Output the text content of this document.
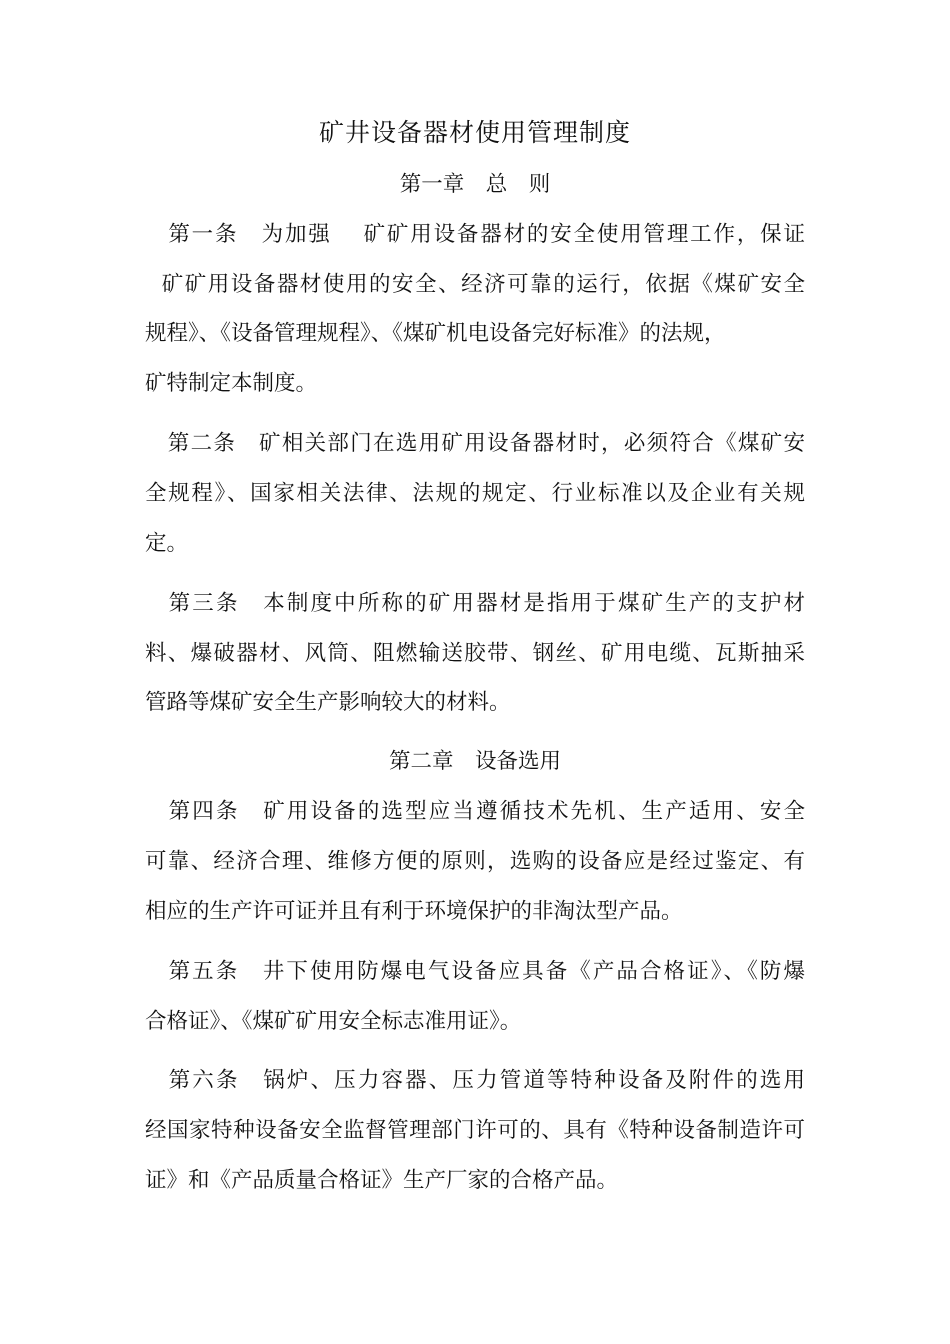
矿井设备器材使用管理制度
第一章　总　则
　第一条　为加强　 矿矿用设备器材的安全使用管理工作，保证
矿矿用设备器材使用的安全、经济可靠的运行，依据《煤矿安全
规程》、《设备管理规程》、《煤矿机电设备完好标准》的法规，
矿特制定本制度。
　第二条　矿相关部门在选用矿用设备器材时，必须符合《煤矿安
全规程》、国家相关法律、法规的规定、行业标准以及企业有关规
定。
　第三条　本制度中所称的矿用器材是指用于煤矿生产的支护材
料、爆破器材、风筒、阻燃输送胶带、钢丝、矿用电缆、瓦斯抽采
管路等煤矿安全生产影响较大的材料。
第二章　设备选用
　第四条　矿用设备的选型应当遵循技术先机、生产适用、安全
可靠、经济合理、维修方便的原则，选购的设备应是经过鉴定、有
相应的生产许可证并且有利于环境保护的非淘汰型产品。
　第五条　井下使用防爆电气设备应具备《产品合格证》、《防爆
合格证》、《煤矿矿用安全标志准用证》。
　第六条　锅炉、压力容器、压力管道等特种设备及附件的选用
经国家特种设备安全监督管理部门许可的、具有《特种设备制造许可
证》和《产品质量合格证》生产厂家的合格产品。
